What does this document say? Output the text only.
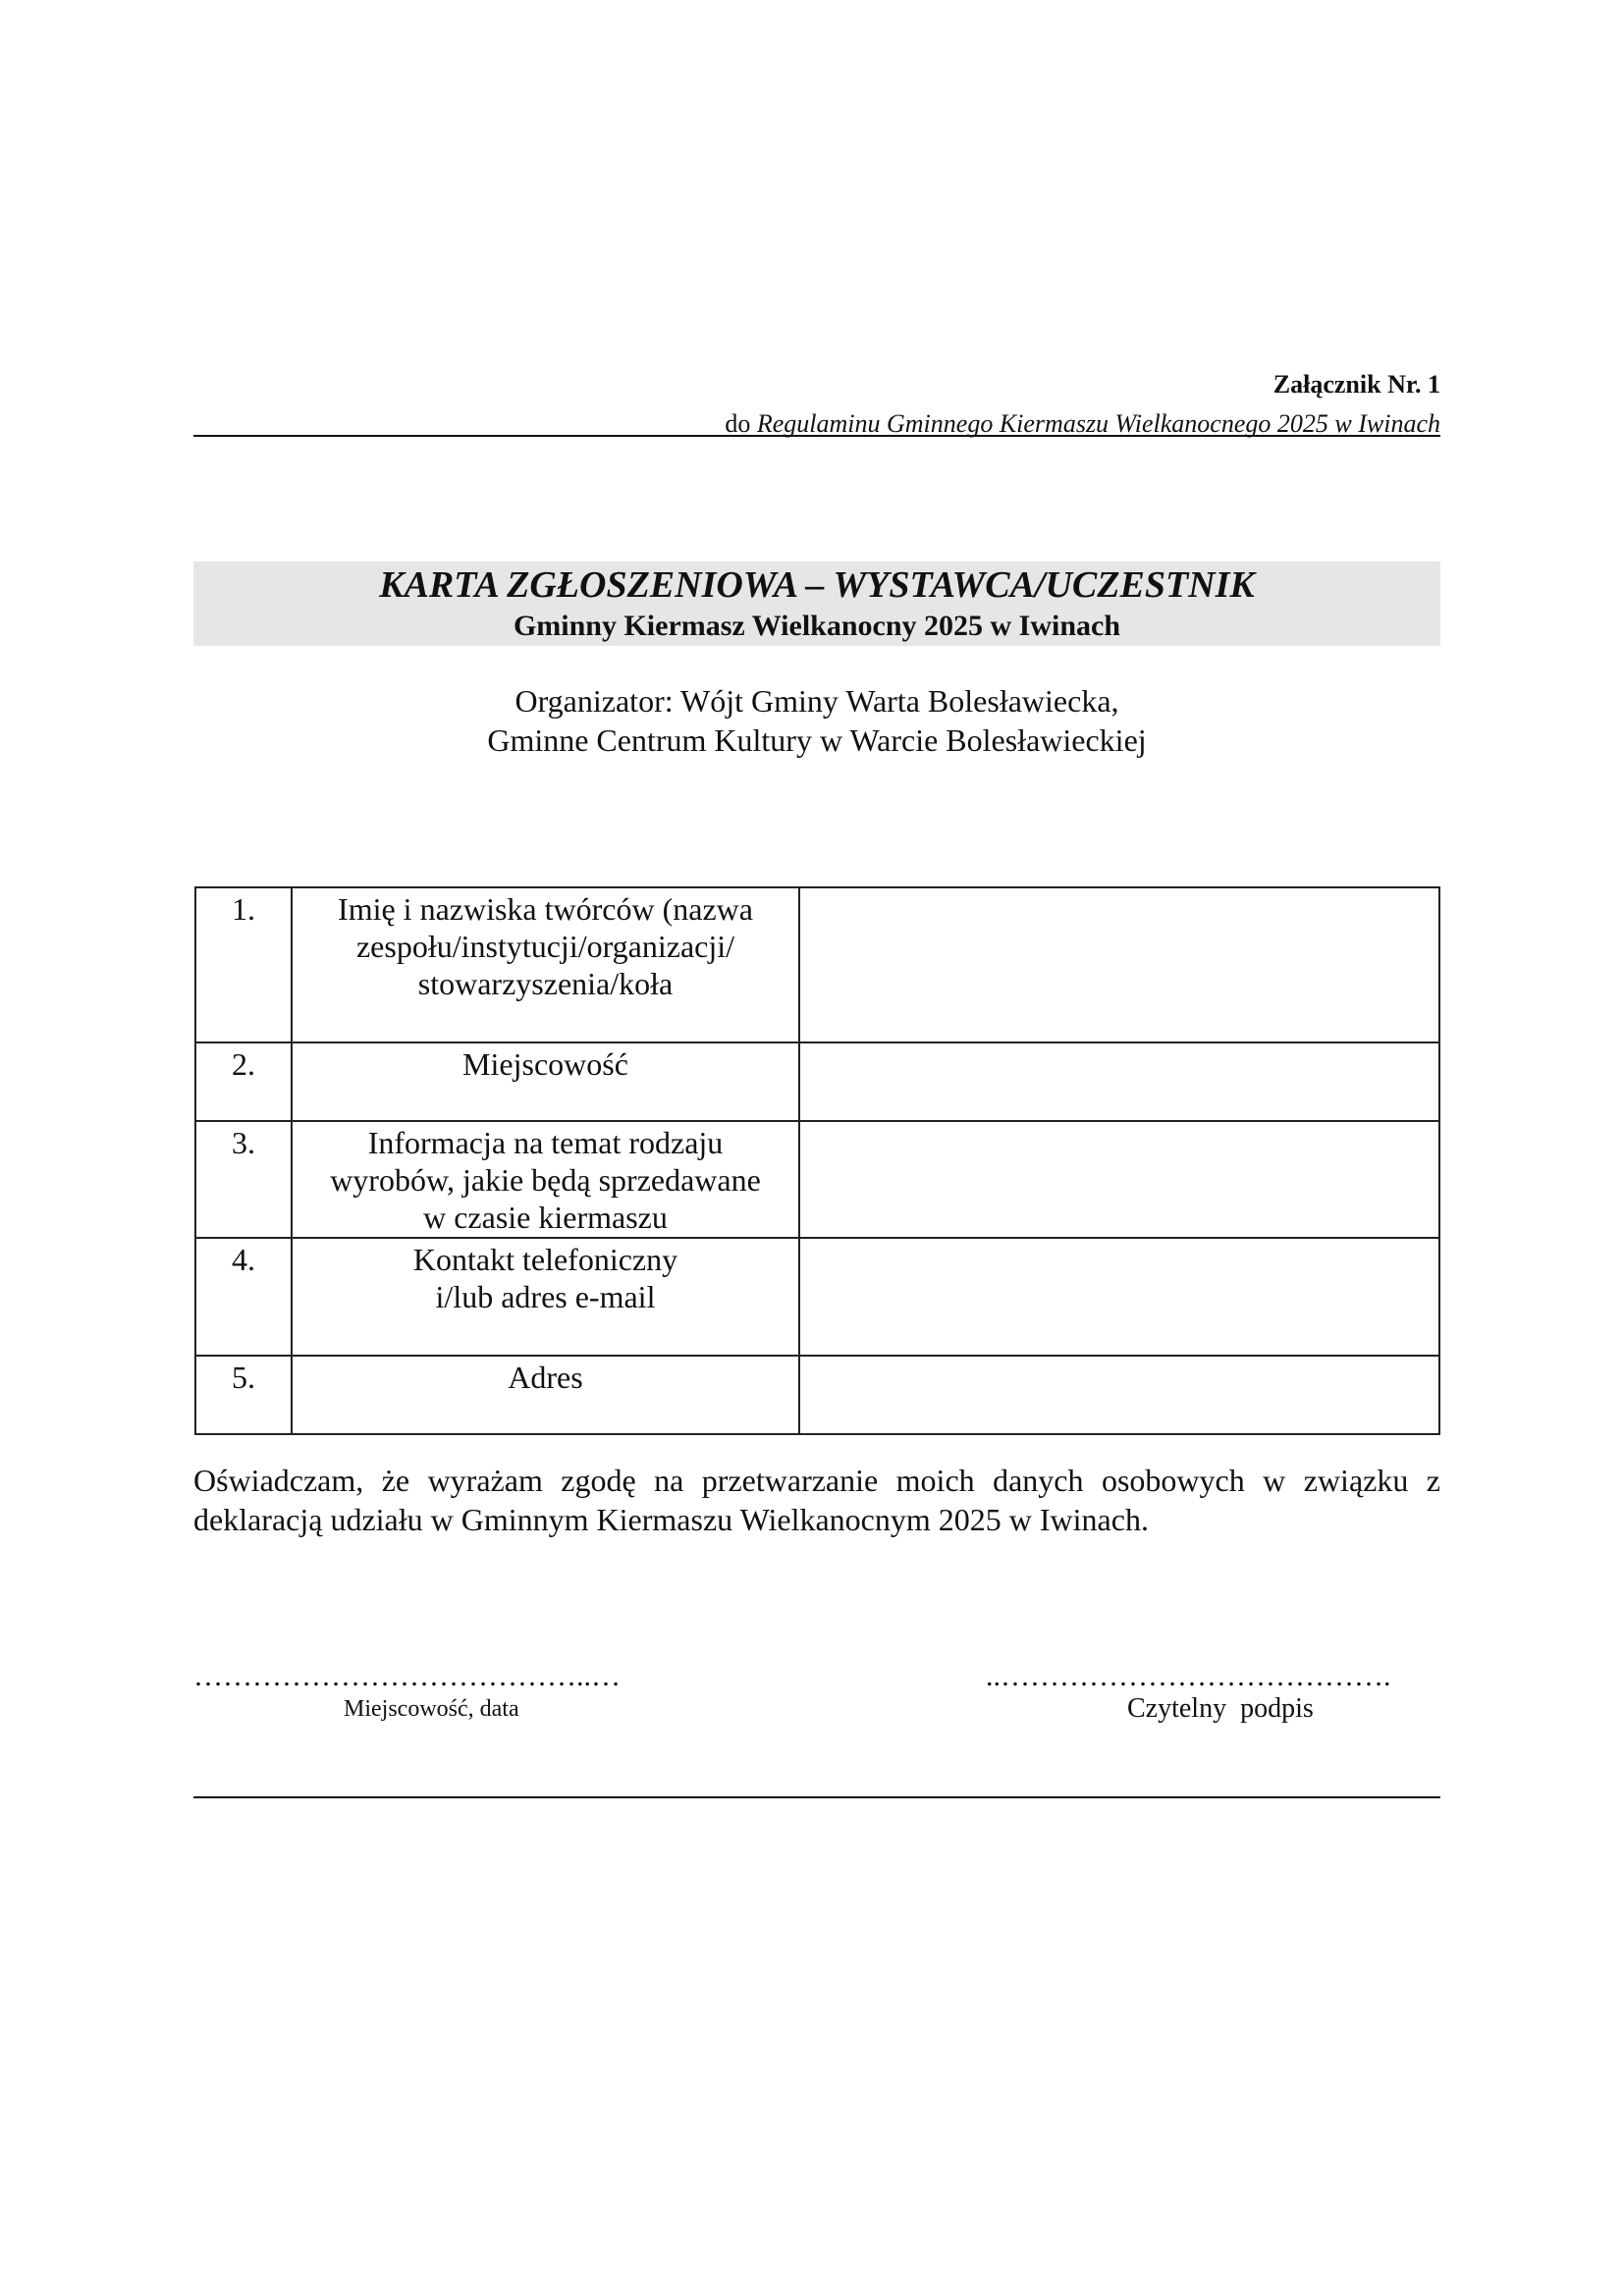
Załącznik Nr. 1
do Regulaminu Gminnego Kiermaszu Wielkanocnego 2025 w Iwinach
KARTA ZGŁOSZENIOWA – WYSTAWCA/UCZESTNIK
Gminny Kiermasz Wielkanocny 2025 w Iwinach
Organizator: Wójt Gminy Warta Bolesławiecka,
Gminne Centrum Kultury w Warcie Bolesławieckiej
1.	Imię i nazwiska twórców (nazwa
zespołu/instytucji/organizacji/
stowarzyszenia/koła	

2.	Miejscowość	

3.	Informacja na temat rodzaju
wyrobów, jakie będą sprzedawane
w czasie kiermaszu	

4.	Kontakt telefoniczny
i/lub adres e-mail	

5.	Adres	

Oświadczam, że wyrażam zgodę na przetwarzanie moich danych osobowych w związku z deklaracją udziału w Gminnym Kiermaszu Wielkanocnym 2025 w Iwinach.
…………………………………..…
Miejscowość, data
..………………………………….
Czytelny  podpis
